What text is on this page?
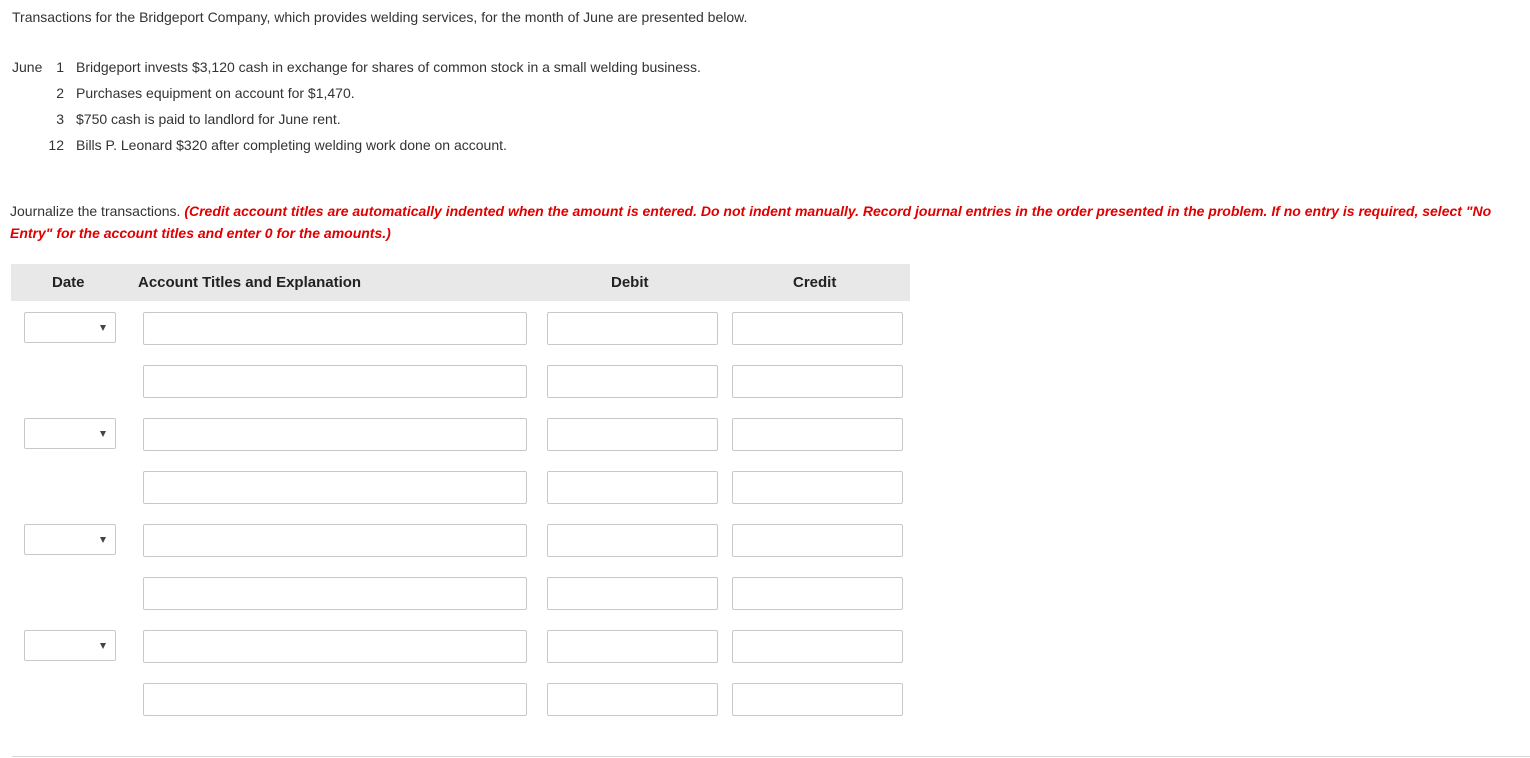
Transactions for the Bridgeport Company, which provides welding services, for the month of June are presented below.

June 1 Bridgeport invests $3,120 cash in exchange for shares of common stock in a small welding business.
2 Purchases equipment on account for $1,470.
3 $750 cash is paid to landlord for June rent.
12 Bills P. Leonard $320 after completing welding work done on account.

Journalize the transactions. (Credit account titles are automatically indented when the amount is entered. Do not indent manually. Record journal entries in the order presented in the problem. If no entry is required, select "No Entry" for the account titles and enter 0 for the amounts.)

Date	Account Titles and Explanation	Debit	Credit
